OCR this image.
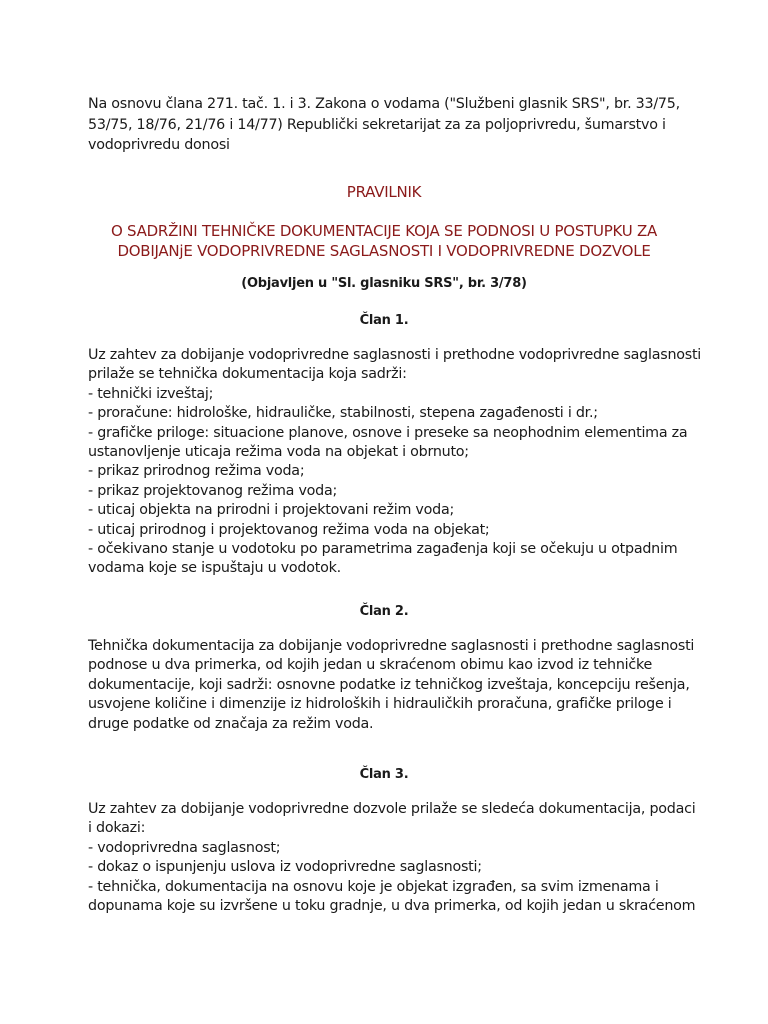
Na osnovu člana 271. tač. 1. i 3. Zakona o vodama ("Službeni glasnik SRS", br. 33/75,
53/75, 18/76, 21/76 i 14/77) Republički sekretarijat za za poljoprivredu, šumarstvo i
vodoprivredu donosi
PRAVILNIK
O SADRŽINI TEHNIČKE DOKUMENTACIJE KOJA SE PODNOSI U POSTUPKU ZA
DOBIJANjE VODOPRIVREDNE SAGLASNOSTI I VODOPRIVREDNE DOZVOLE
(Objavljen u "Sl. glasniku SRS", br. 3/78)
Član 1.
Uz zahtev za dobijanje vodoprivredne saglasnosti i prethodne vodoprivredne saglasnosti
prilaže se tehnička dokumentacija koja sadrži:
- tehnički izveštaj;
- proračune: hidrološke, hidrauličke, stabilnosti, stepena zagađenosti i dr.;
- grafičke priloge: situacione planove, osnove i preseke sa neophodnim elementima za
ustanovljenje uticaja režima voda na objekat i obrnuto;
- prikaz prirodnog režima voda;
- prikaz projektovanog režima voda;
- uticaj objekta na prirodni i projektovani režim voda;
- uticaj prirodnog i projektovanog režima voda na objekat;
- očekivano stanje u vodotoku po parametrima zagađenja koji se očekuju u otpadnim
vodama koje se ispuštaju u vodotok.
Član 2.
Tehnička dokumentacija za dobijanje vodoprivredne saglasnosti i prethodne saglasnosti
podnose u dva primerka, od kojih jedan u skraćenom obimu kao izvod iz tehničke
dokumentacije, koji sadrži: osnovne podatke iz tehničkog izveštaja, koncepciju rešenja,
usvojene količine i dimenzije iz hidroloških i hidrauličkih proračuna, grafičke priloge i
druge podatke od značaja za režim voda.
Član 3.
Uz zahtev za dobijanje vodoprivredne dozvole prilaže se sledeća dokumentacija, podaci
i dokazi:
- vodoprivredna saglasnost;
- dokaz o ispunjenju uslova iz vodoprivredne saglasnosti;
- tehnička, dokumentacija na osnovu koje je objekat izgrađen, sa svim izmenama i
dopunama koje su izvršene u toku gradnje, u dva primerka, od kojih jedan u skraćenom
